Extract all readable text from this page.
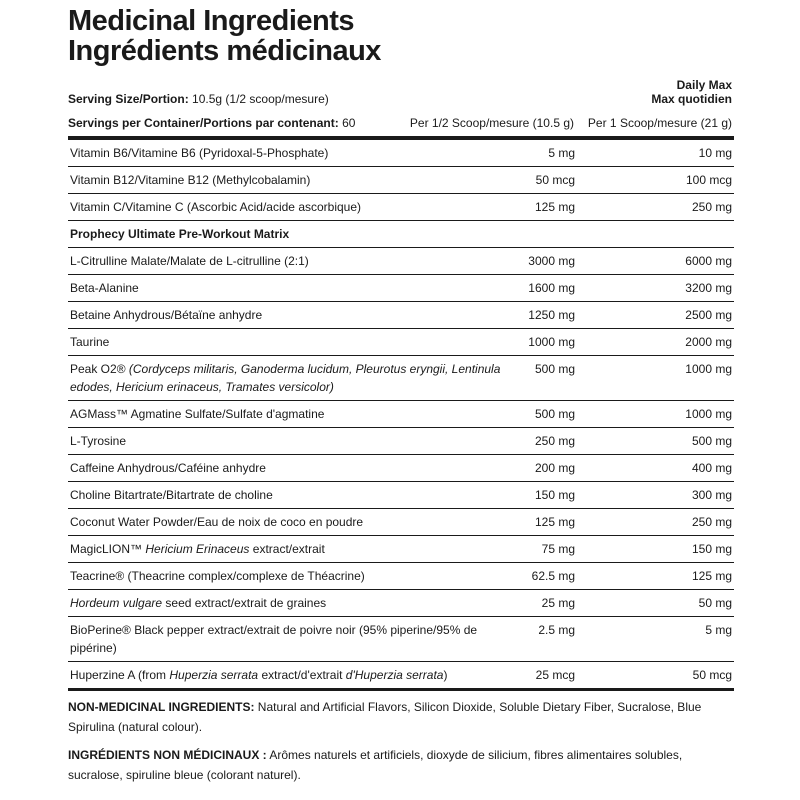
Medicinal Ingredients
Ingrédients médicinaux
Serving Size/Portion: 10.5g (1/2 scoop/mesure)
Servings per Container/Portions par contenant: 60
Daily Max
Max quotidien
Per 1/2 Scoop/mesure (10.5 g) Per 1 Scoop/mesure (21 g)
Vitamin B6/Vitamine B6 (Pyridoxal-5-Phosphate)	5 mg	10 mg
Vitamin B12/Vitamine B12 (Methylcobalamin)	50 mcg	100 mcg
Vitamin C/Vitamine C (Ascorbic Acid/acide ascorbique)	125 mg	250 mg
Prophecy Ultimate Pre-Workout Matrix		
L-Citrulline Malate/Malate de L-citrulline (2:1)	3000 mg	6000 mg
Beta-Alanine	1600 mg	3200 mg
Betaine Anhydrous/Bétaïne anhydre	1250 mg	2500 mg
Taurine	1000 mg	2000 mg
Peak O2® (Cordyceps militaris, Ganoderma lucidum, Pleurotus eryngii, Lentinula edodes, Hericium erinaceus, Tramates versicolor)	500 mg	1000 mg
AGMass™ Agmatine Sulfate/Sulfate d'agmatine	500 mg	1000 mg
L-Tyrosine	250 mg	500 mg
Caffeine Anhydrous/Caféine anhydre	200 mg	400 mg
Choline Bitartrate/Bitartrate de choline	150 mg	300 mg
Coconut Water Powder/Eau de noix de coco en poudre	125 mg	250 mg
MagicLION™ Hericium Erinaceus extract/extrait	75 mg	150 mg
Teacrine® (Theacrine complex/complexe de Théacrine)	62.5 mg	125 mg
Hordeum vulgare seed extract/extrait de graines	25 mg	50 mg
BioPerine® Black pepper extract/extrait de poivre noir (95% piperine/95% de pipérine)	2.5 mg	5 mg
Huperzine A (from Huperzia serrata extract/d'extrait d'Huperzia serrata)	25 mcg	50 mcg
NON-MEDICINAL INGREDIENTS: Natural and Artificial Flavors, Silicon Dioxide, Soluble Dietary Fiber, Sucralose, Blue Spirulina (natural colour).
INGRÉDIENTS NON MÉDICINAUX : Arômes naturels et artificiels, dioxyde de silicium, fibres alimentaires solubles, sucralose, spiruline bleue (colorant naturel).
